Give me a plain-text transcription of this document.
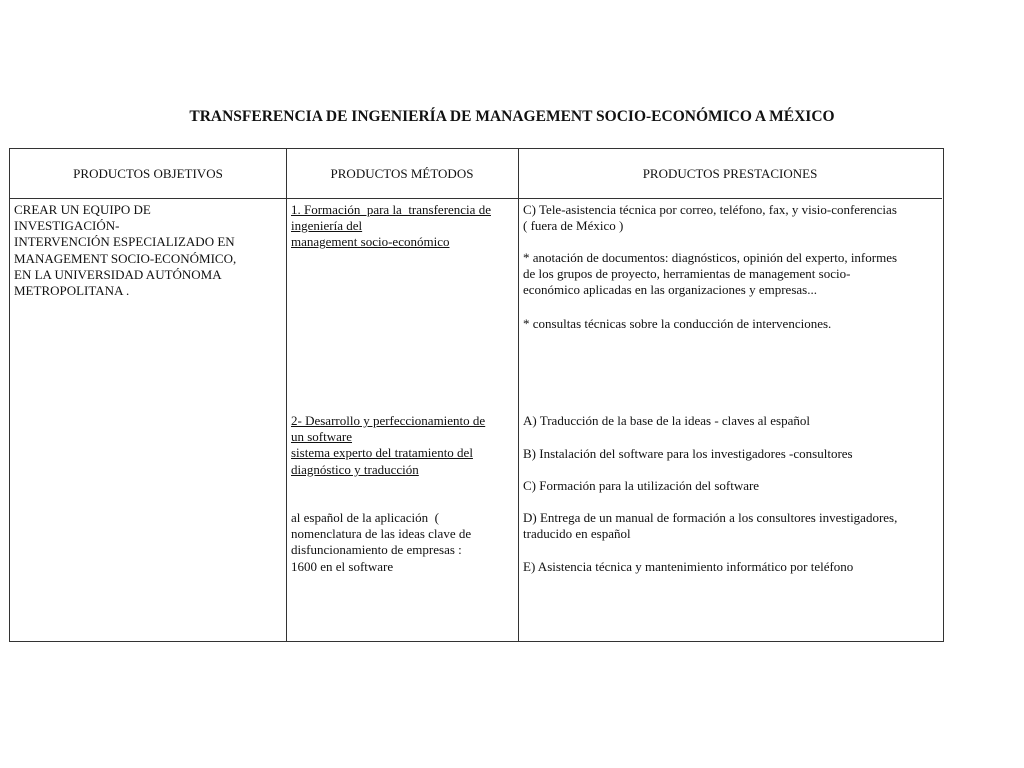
TRANSFERENCIA DE INGENIERÍA DE MANAGEMENT SOCIO-ECONÓMICO A MÉXICO
PRODUCTOS OBJETIVOS	PRODUCTOS MÉTODOS	PRODUCTOS PRESTACIONES
CREAR UN EQUIPO DE
INVESTIGACIÓN-
INTERVENCIÓN ESPECIALIZADO EN
MANAGEMENT SOCIO-ECONÓMICO,
EN LA UNIVERSIDAD AUTÓNOMA
METROPOLITANA .
1. Formación  para la  transferencia de
ingeniería del
management socio-económico
2- Desarrollo y perfeccionamiento de
un software
sistema experto del tratamiento del
diagnóstico y traducción
al español de la aplicación  (
nomenclatura de las ideas clave de
disfuncionamiento de empresas :
1600 en el software
C) Tele-asistencia técnica por correo, teléfono, fax, y visio-conferencias
( fuera de México )
* anotación de documentos: diagnósticos, opinión del experto, informes
de los grupos de proyecto, herramientas de management socio-
económico aplicadas en las organizaciones y empresas...
* consultas técnicas sobre la conducción de intervenciones.
A) Traducción de la base de la ideas - claves al español
B) Instalación del software para los investigadores -consultores
C) Formación para la utilización del software
D) Entrega de un manual de formación a los consultores investigadores,
traducido en español
E) Asistencia técnica y mantenimiento informático por teléfono
